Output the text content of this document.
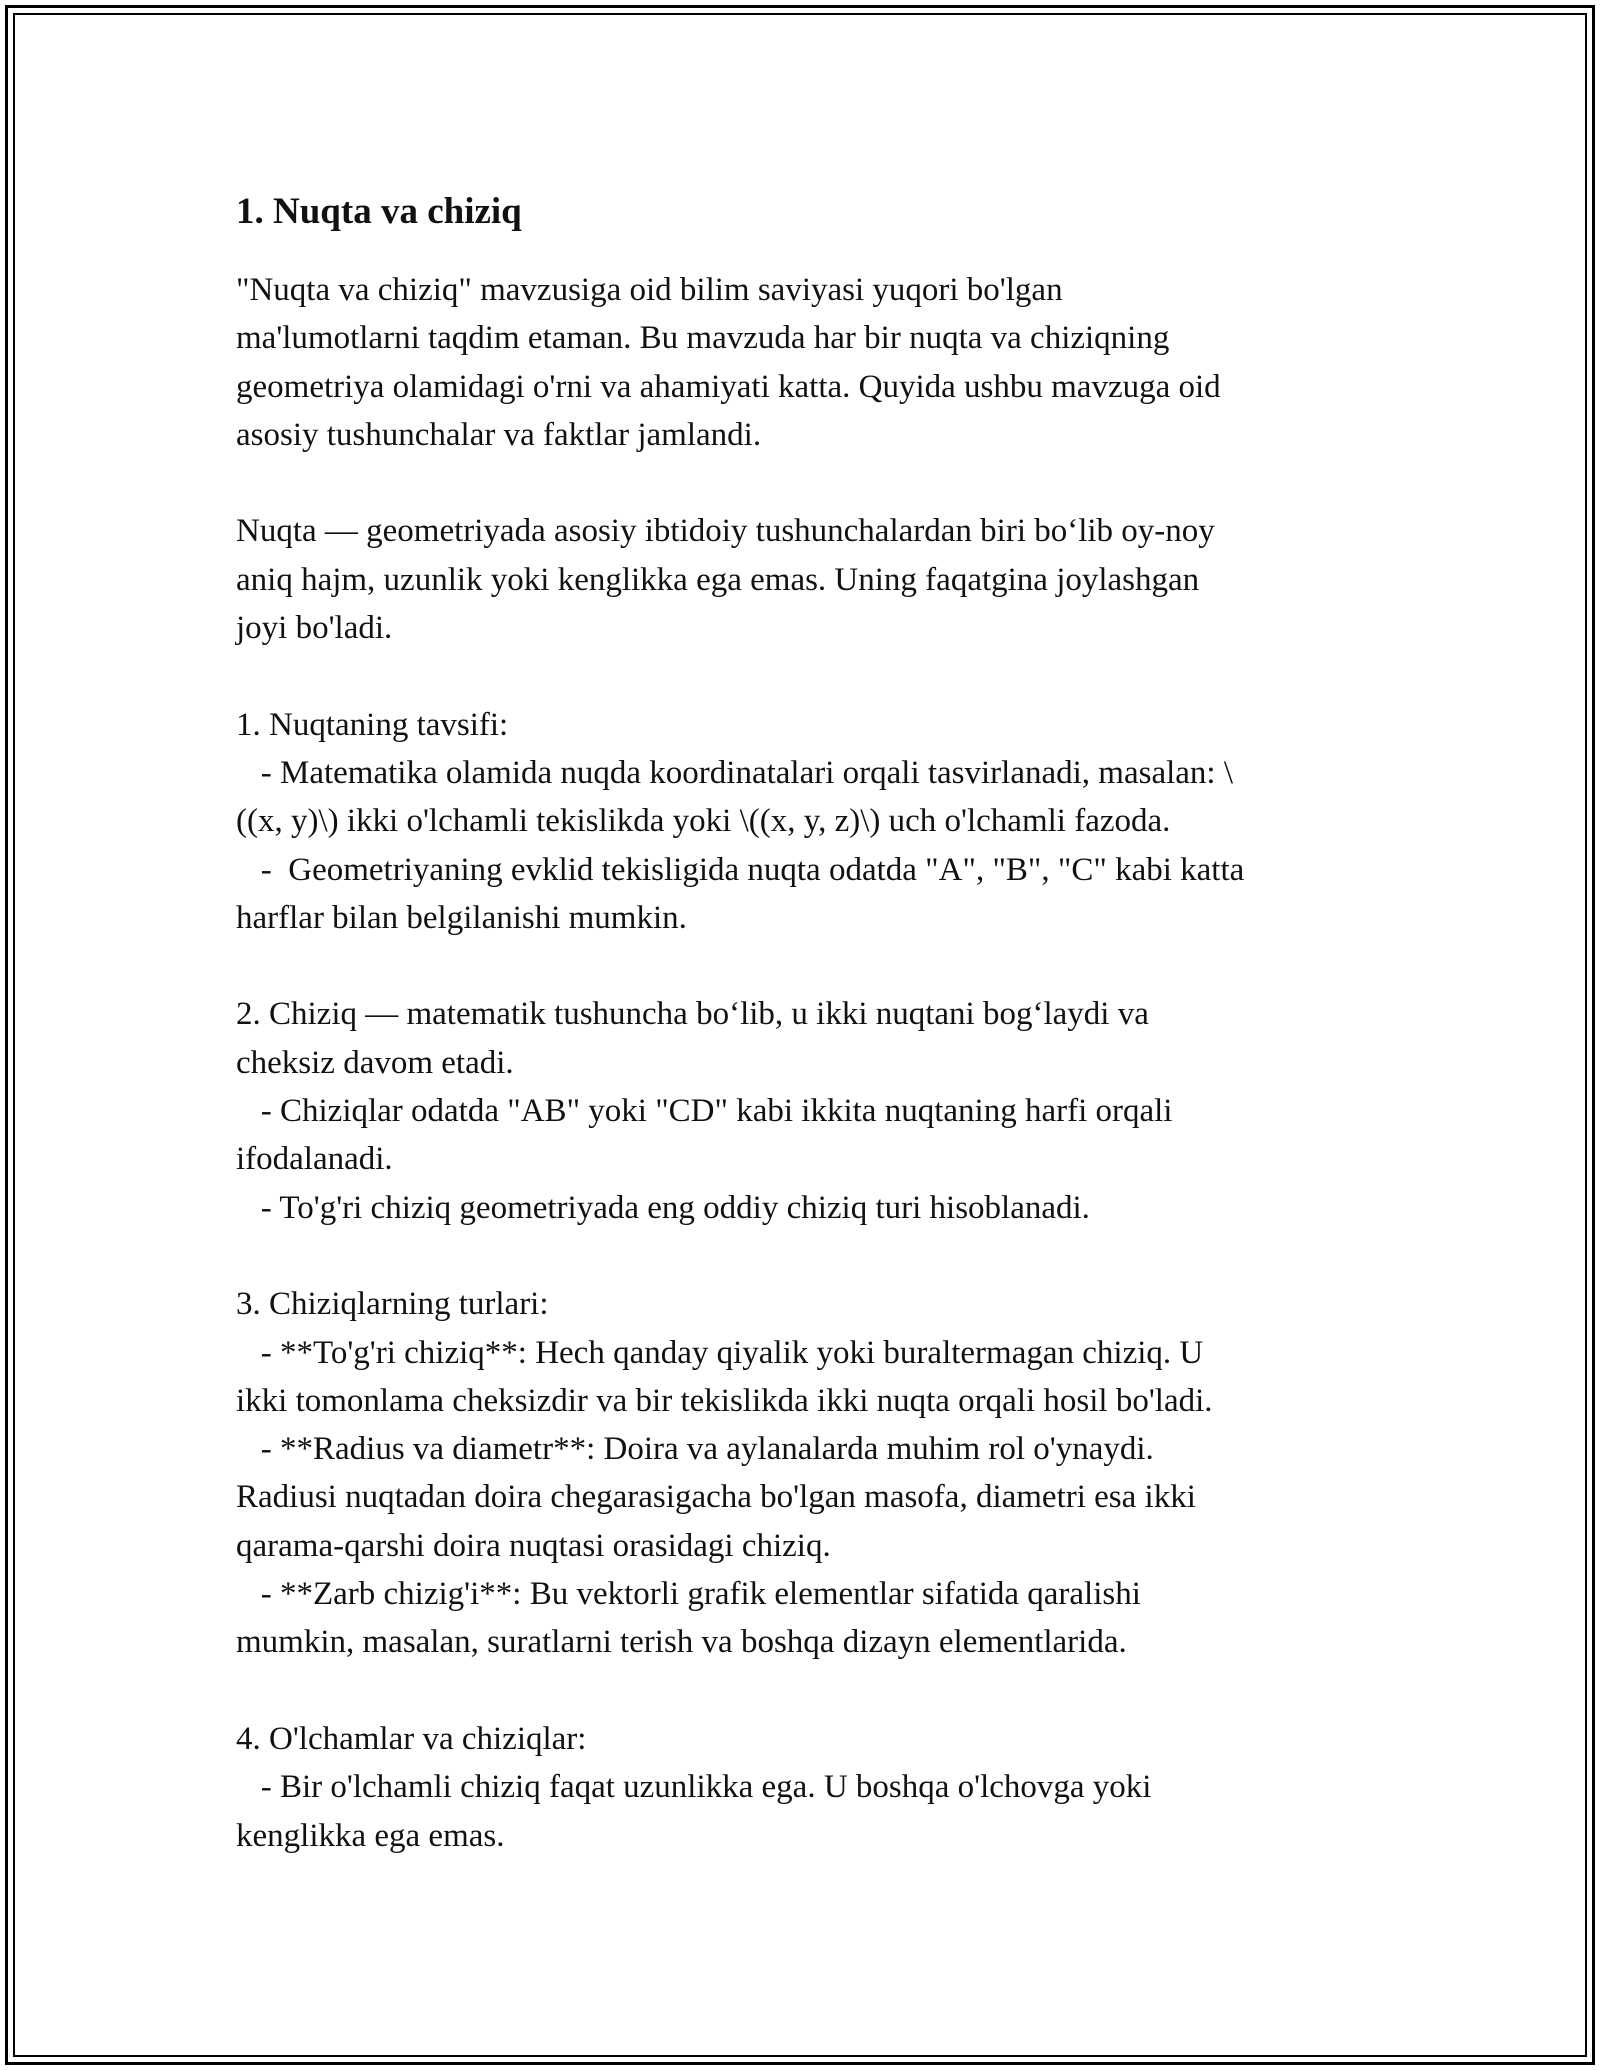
1. Nuqta va chiziq

"Nuqta va chiziq" mavzusiga oid bilim saviyasi yuqori bo'lgan
ma'lumotlarni taqdim etaman. Bu mavzuda har bir nuqta va chiziqning
geometriya olamidagi o'rni va ahamiyati katta. Quyida ushbu mavzuga oid
asosiy tushunchalar va faktlar jamlandi.

Nuqta — geometriyada asosiy ibtidoiy tushunchalardan biri bo‘lib oy-noy
aniq hajm, uzunlik yoki kenglikka ega emas. Uning faqatgina joylashgan
joyi bo'ladi.

1. Nuqtaning tavsifi:
- Matematika olamida nuqda koordinatalari orqali tasvirlanadi, masalan: \
((x, y)\) ikki o'lchamli tekislikda yoki \((x, y, z)\) uch o'lchamli fazoda.
-  Geometriyaning evklid tekisligida nuqta odatda "A", "B", "C" kabi katta
harflar bilan belgilanishi mumkin.

2. Chiziq — matematik tushuncha bo‘lib, u ikki nuqtani bog‘laydi va
cheksiz davom etadi.
- Chiziqlar odatda "AB" yoki "CD" kabi ikkita nuqtaning harfi orqali
ifodalanadi.
- To'g'ri chiziq geometriyada eng oddiy chiziq turi hisoblanadi.

3. Chiziqlarning turlari:
- **To'g'ri chiziq**: Hech qanday qiyalik yoki buraltermagan chiziq. U
ikki tomonlama cheksizdir va bir tekislikda ikki nuqta orqali hosil bo'ladi.
- **Radius va diametr**: Doira va aylanalarda muhim rol o'ynaydi.
Radiusi nuqtadan doira chegarasigacha bo'lgan masofa, diametri esa ikki
qarama-qarshi doira nuqtasi orasidagi chiziq.
- **Zarb chizig'i**: Bu vektorli grafik elementlar sifatida qaralishi
mumkin, masalan, suratlarni terish va boshqa dizayn elementlarida.

4. O'lchamlar va chiziqlar:
- Bir o'lchamli chiziq faqat uzunlikka ega. U boshqa o'lchovga yoki
kenglikka ega emas.
